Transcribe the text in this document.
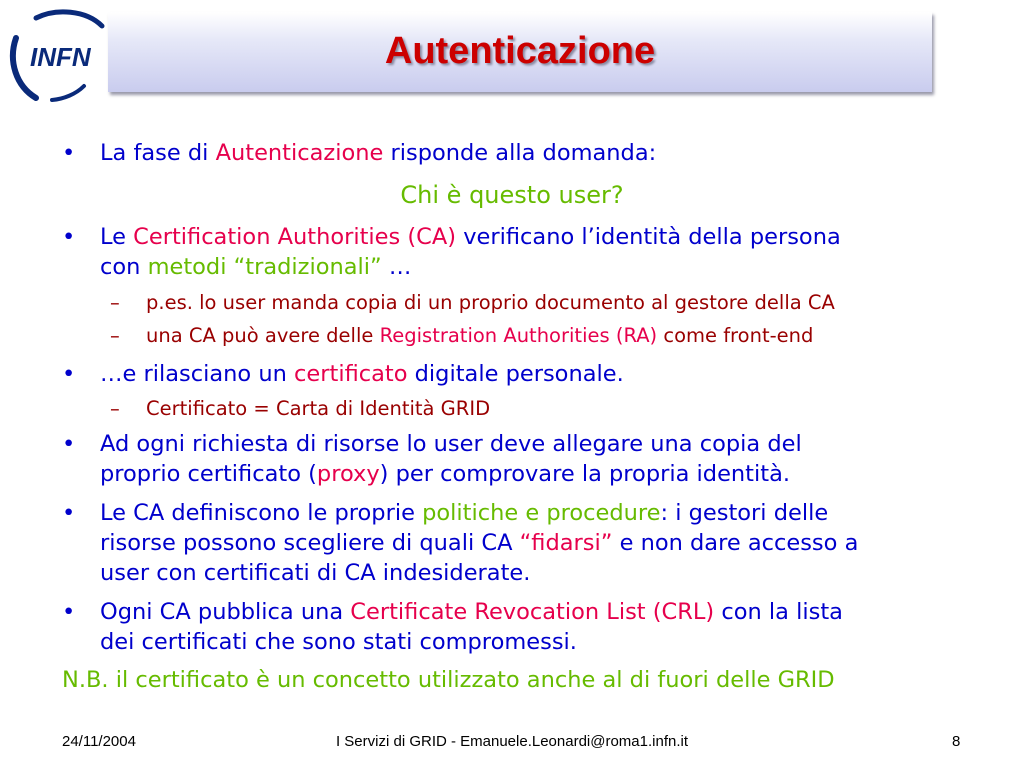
INFN	Autenticazione
• La fase di Autenticazione risponde alla domanda:
Chi è questo user?
• Le Certification Authorities (CA) verificano l’identità della persona
con metodi “tradizionali” …
– p.es. lo user manda copia di un proprio documento al gestore della CA
– una CA può avere delle Registration Authorities (RA) come front-end
• …e rilasciano un certificato digitale personale.
– Certificato = Carta di Identità GRID
• Ad ogni richiesta di risorse lo user deve allegare una copia del
proprio certificato (proxy) per comprovare la propria identità.
• Le CA definiscono le proprie politiche e procedure: i gestori delle
risorse possono scegliere di quali CA “fidarsi” e non dare accesso a
user con certificati di CA indesiderate.
• Ogni CA pubblica una Certificate Revocation List (CRL) con la lista
dei certificati che sono stati compromessi.
N.B. il certificato è un concetto utilizzato anche al di fuori delle GRID
24/11/2004	I Servizi di GRID - Emanuele.Leonardi@roma1.infn.it	8
